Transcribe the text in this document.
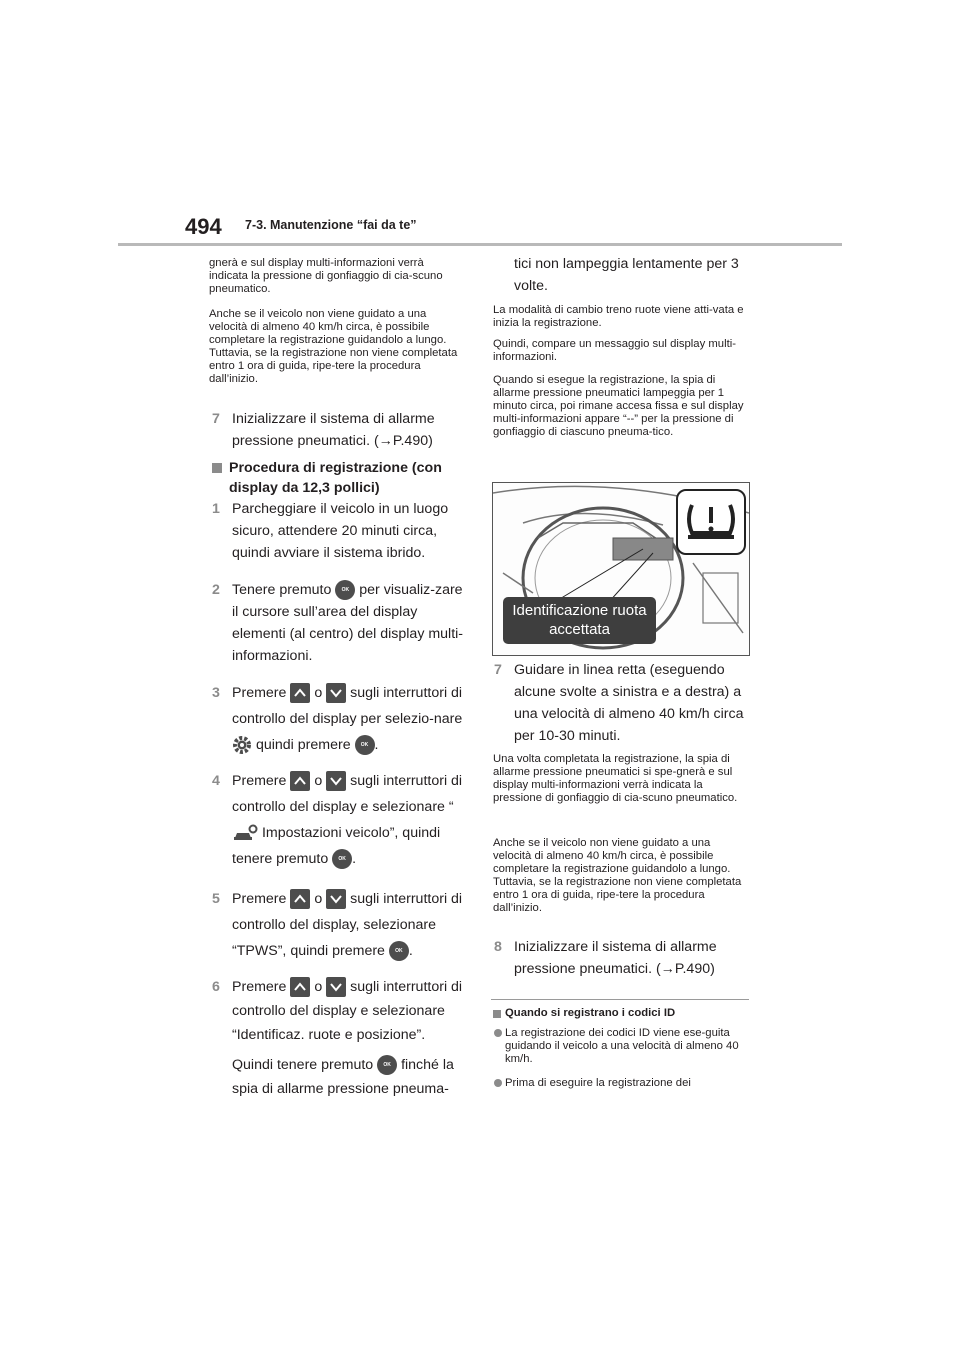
494 7-3. Manutenzione “fai da te”
gnerà e sul display multi-informazioni verrà indicata la pressione di gonfiaggio di cia-scuno pneumatico.
Anche se il veicolo non viene guidato a una velocità di almeno 40 km/h circa, è possibile completare la registrazione guidandolo a lungo. Tuttavia, se la registrazione non viene completata entro 1 ora di guida, ripe-tere la procedura dall’inizio.
7 Inizializzare il sistema di allarme pressione pneumatici. (→P.490)
Procedura di registrazione (con display da 12,3 pollici)
1 Parcheggiare il veicolo in un luogo sicuro, attendere 20 minuti circa, quindi avviare il sistema ibrido.
2 Tenere premuto OK per visualiz-zare il cursore sull’area del display elementi (al centro) del display multi-informazioni.
3 Premere o sugli interruttori di controllo del display per selezio-nare  quindi premere OK .
4 Premere o sugli interruttori di controllo del display e selezionare “  Impostazioni veicolo”, quindi tenere premuto OK .
5 Premere o sugli interruttori di controllo del display, selezionare “TPWS”, quindi premere OK .
6 Premere o sugli interruttori di controllo del display e selezionare “Identificaz. ruote e posizione”.
Quindi tenere premuto OK finché la spia di allarme pressione pneuma-
tici non lampeggia lentamente per 3 volte.
La modalità di cambio treno ruote viene atti-vata e inizia la registrazione.
Quindi, compare un messaggio sul display multi-informazioni.
Quando si esegue la registrazione, la spia di allarme pressione pneumatici lampeggia per 1 minuto circa, poi rimane accesa fissa e sul display multi-informazioni appare “--” per la pressione di gonfiaggio di ciascuno pneuma-tico.
Identificazione ruota
accettata
7 Guidare in linea retta (eseguendo alcune svolte a sinistra e a destra) a una velocità di almeno 40 km/h circa per 10-30 minuti.
Una volta completata la registrazione, la spia di allarme pressione pneumatici si spe-gnerà e sul display multi-informazioni verrà indicata la pressione di gonfiaggio di cia-scuno pneumatico.
Anche se il veicolo non viene guidato a una velocità di almeno 40 km/h circa, è possibile completare la registrazione guidandolo a lungo. Tuttavia, se la registrazione non viene completata entro 1 ora di guida, ripe-tere la procedura dall’inizio.
8 Inizializzare il sistema di allarme pressione pneumatici. (→P.490)
Quando si registrano i codici ID
La registrazione dei codici ID viene ese-guita guidando il veicolo a una velocità di almeno 40 km/h.
Prima di eseguire la registrazione dei
